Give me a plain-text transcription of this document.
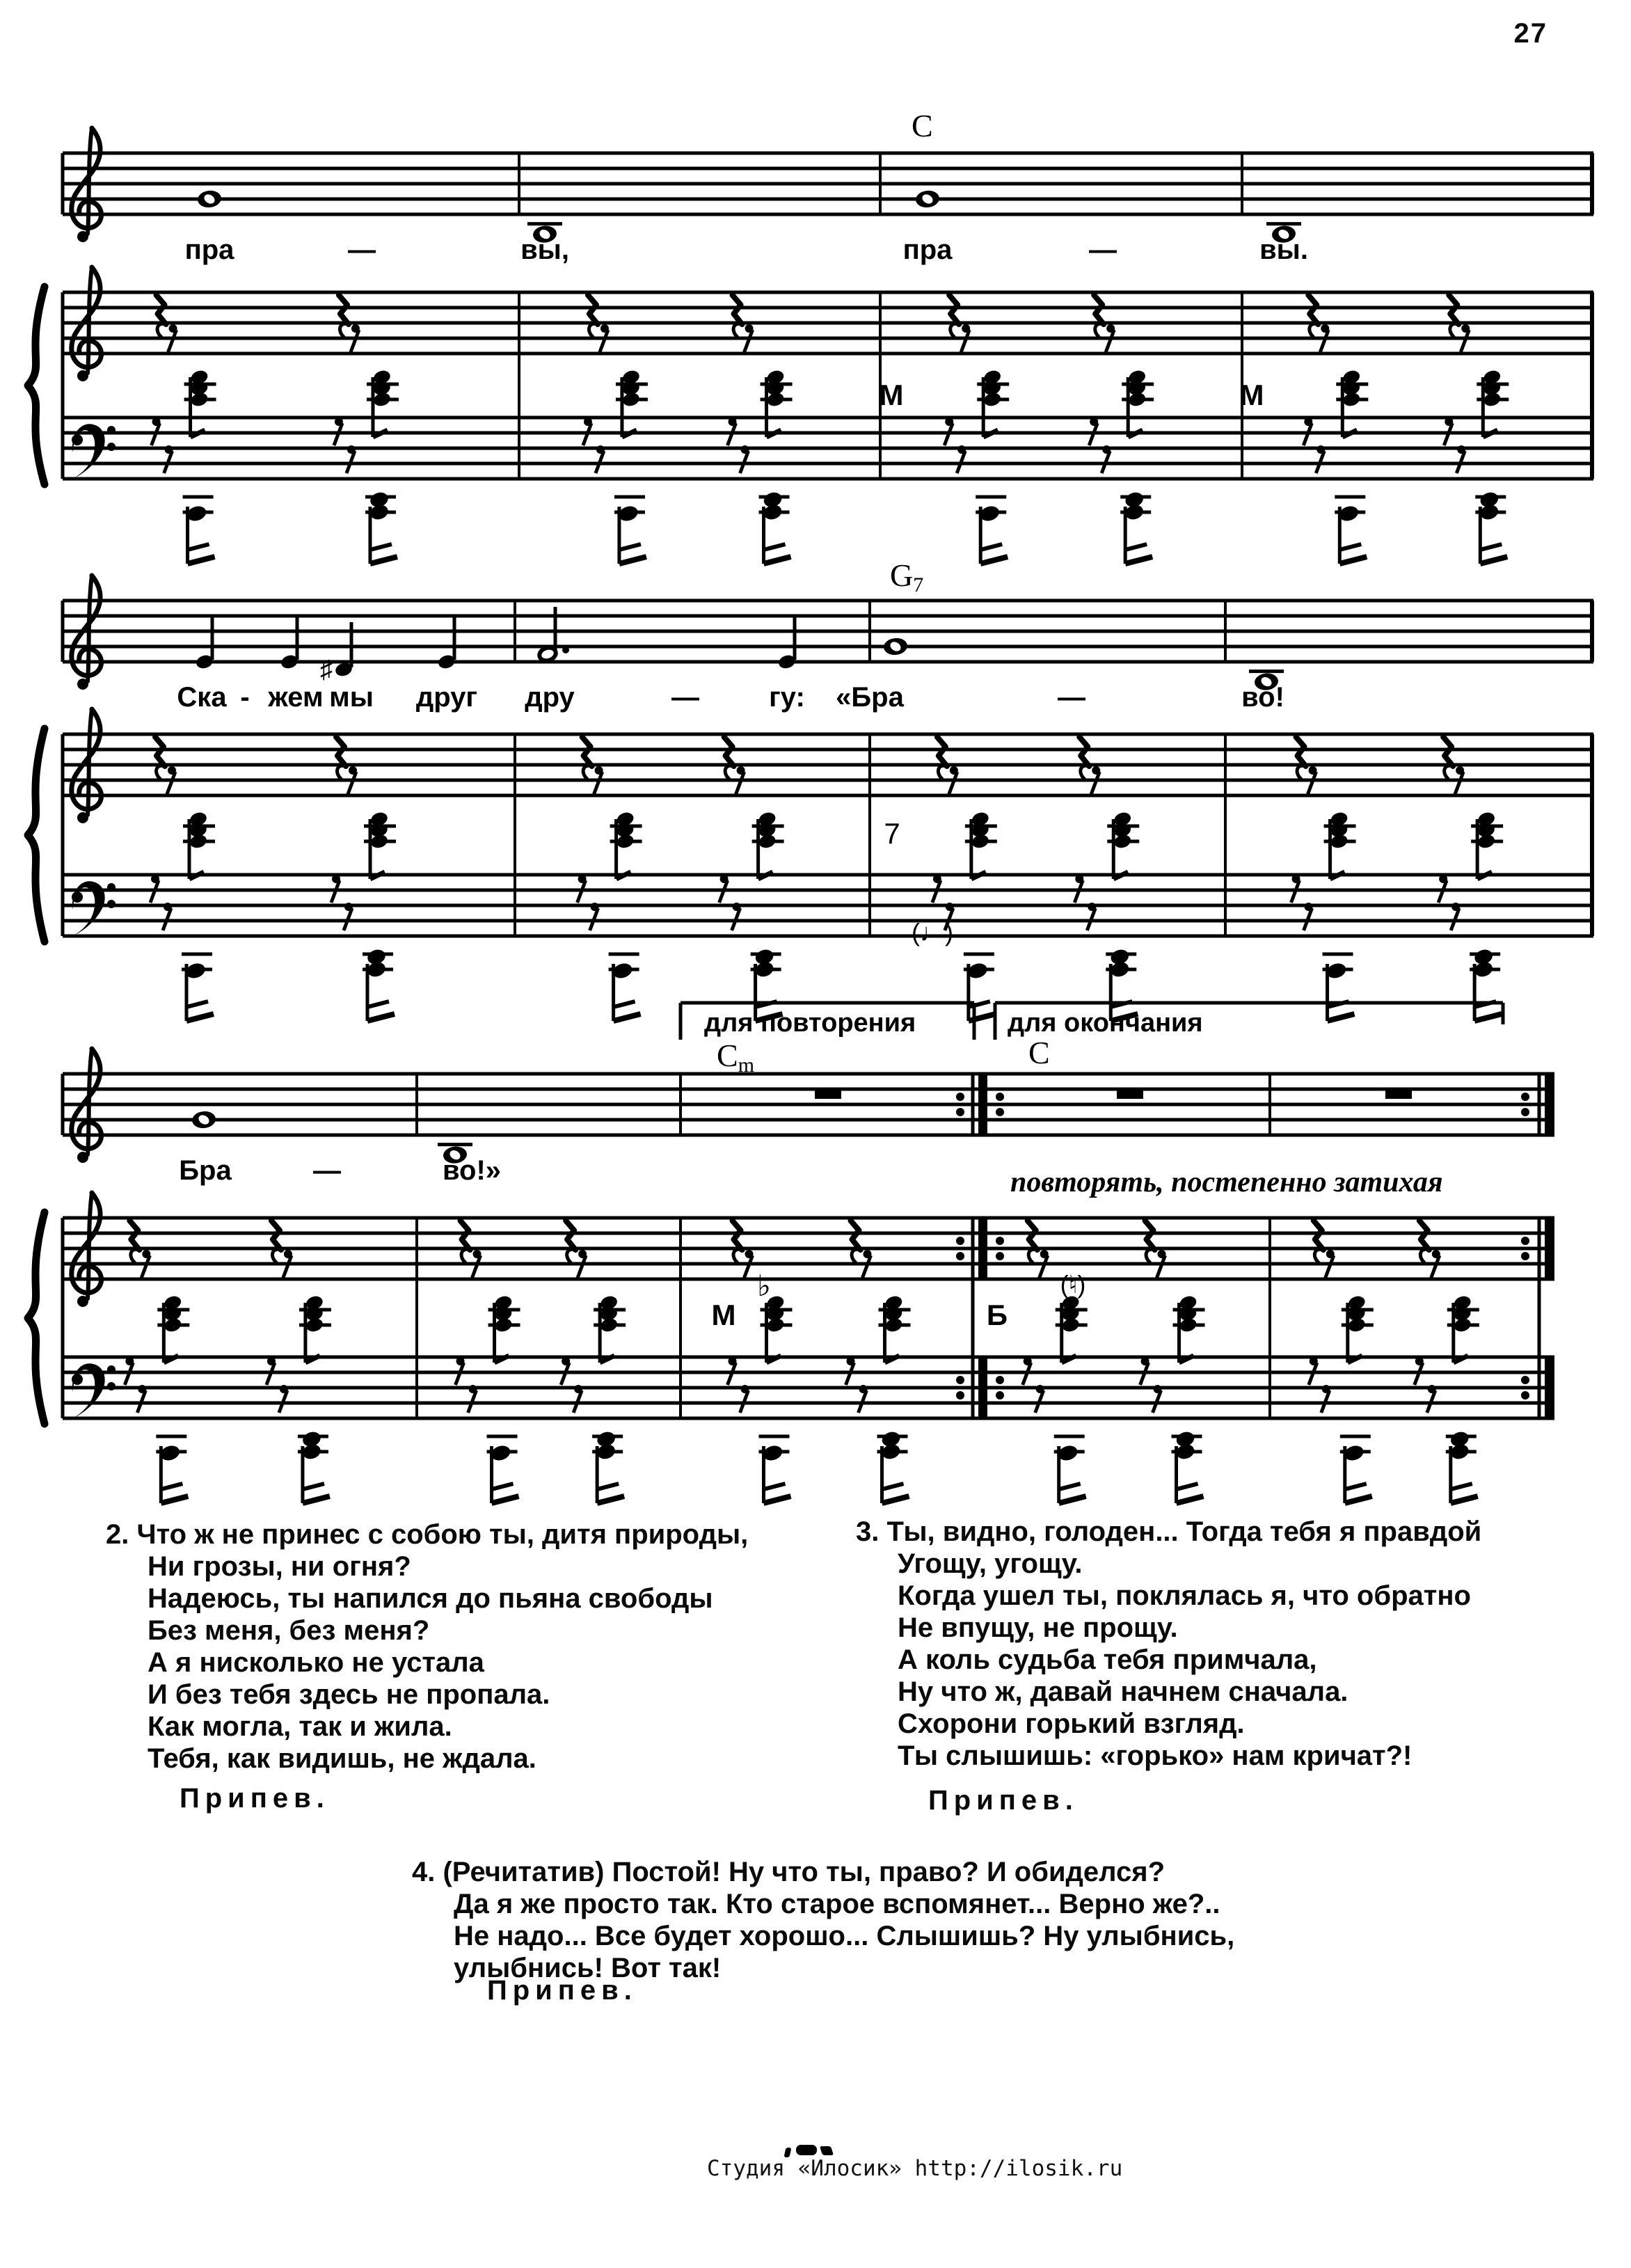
27
C
пра	—	вы,	пра	—	вы.
М	М
♯
G7
Ска - жем мы друг дру	—	гу: «Бра	—	во!
7
(♩)
для повторения	для окончания
повторять, постепенно затихая
Cm	C
Бра	—	во!»
М
♭
Б
(♮)
2. Что ж не принес с собою ты, дитя природы,
Ни грозы, ни огня?
Надеюсь, ты напился до пьяна свободы
Без меня, без меня?
А я нисколько не устала
И без тебя здесь не пропала.
Как могла, так и жила.
Тебя, как видишь, не ждала.
3. Ты, видно, голоден... Тогда тебя я правдой
Угощу, угощу.
Когда ушел ты, поклялась я, что обратно
Не впущу, не прощу.
А коль судьба тебя примчала,
Ну что ж, давай начнем сначала.
Схорони горький взгляд.
Ты слышишь: «горько» нам кричат?!
4. (Речитатив) Постой! Ну что ты, право? И обиделся?
Да я же просто так. Кто старое вспомянет... Верно же?..
Не надо... Все будет хорошо... Слышишь? Ну улыбнись,
улыбнись! Вот так!
Припев.	Припев.
Припев.
Студия «Илосик» http://ilosik.ru
